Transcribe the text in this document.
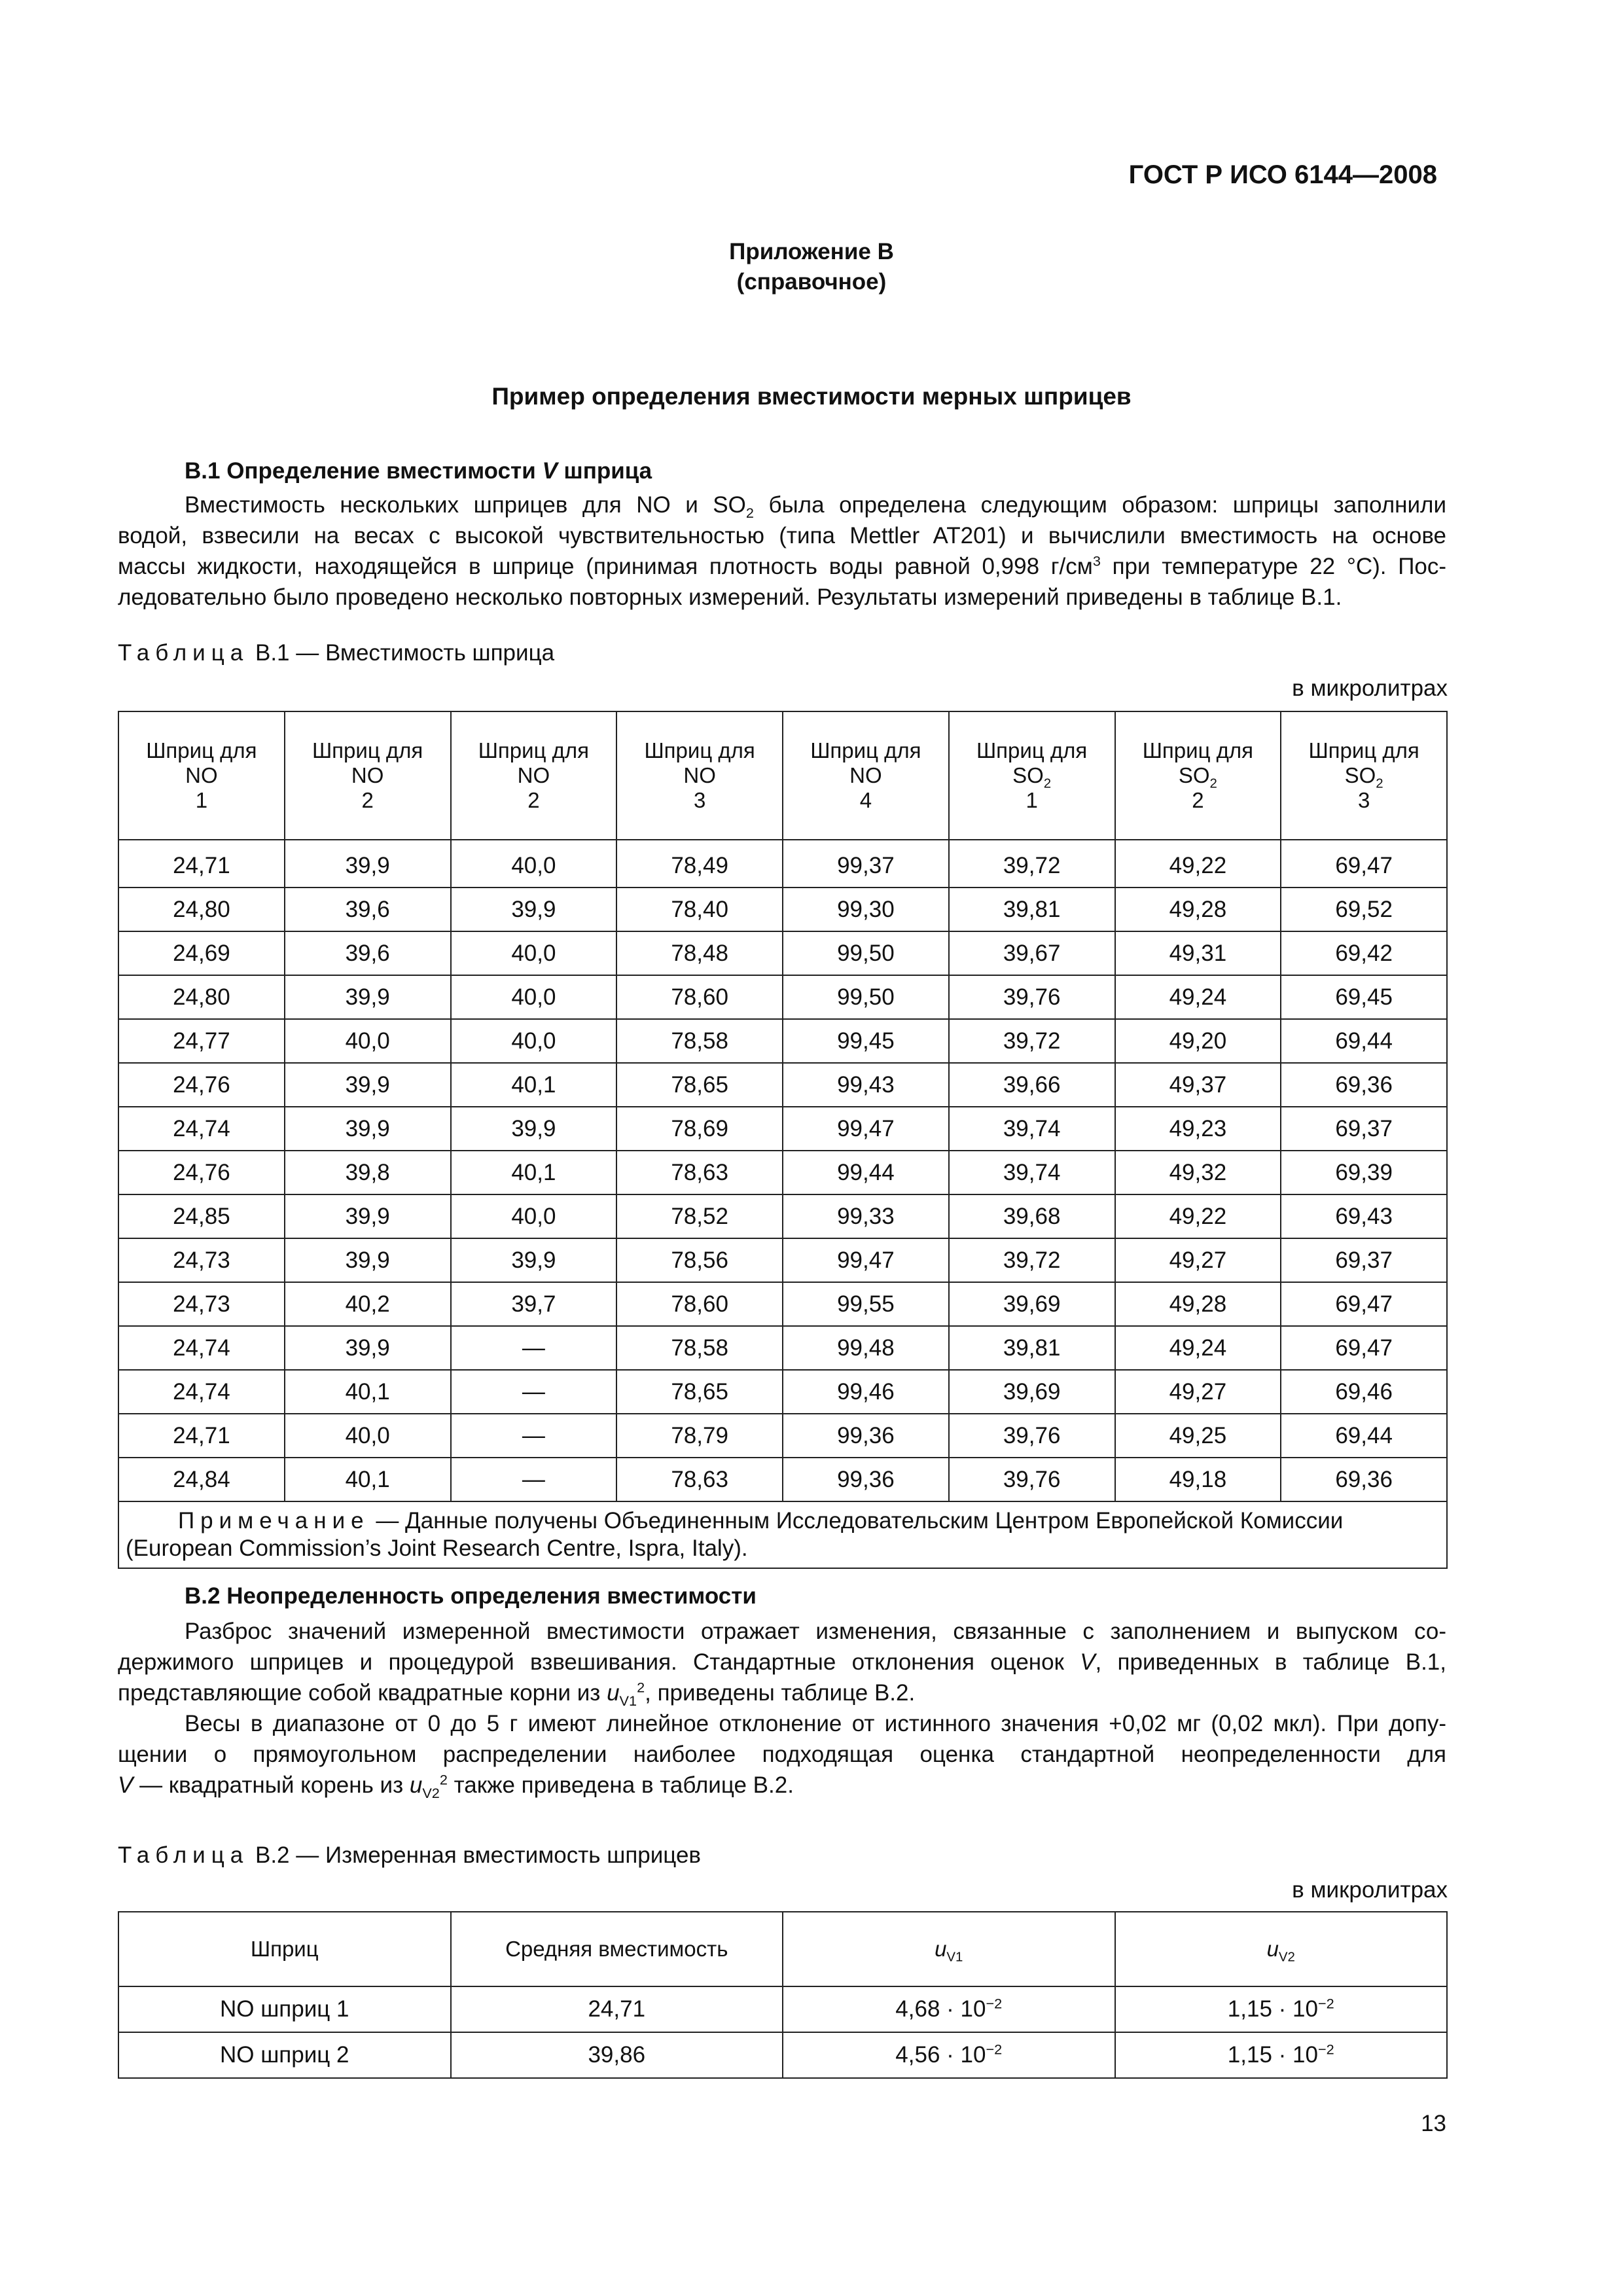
ГОСТ Р ИСО 6144—2008
Приложение В
(справочное)
Пример определения вместимости мерных шприцев
В.1 Определение вместимости V шприца
Вместимость нескольких шприцев для NO и $SO_2$ была определена следующим образом: шприцы заполнили
водой, взвесили на весах с высокой чувствительностью (типа Mettler AT201) и вычислили вместимость на основе
массы жидкости, находящейся в шприце (принимая плотность воды равной 0,998 $г/см^3$ при температуре 22 °С). Пос-
ледовательно было проведено несколько повторных измерений. Результаты измерений приведены в таблице В.1.
Таблица В.1 — Вместимость шприца
в микролитрах
Шприц для
NO
1	Шприц для
NO
2	Шприц для
NO
2	Шприц для
NO
3	Шприц для
NO
4	Шприц для
$SO_2$
1	Шприц для
$SO_2$
2	Шприц для
$SO_2$
3
24,71	39,9	40,0	78,49	99,37	39,72	49,22	69,47
24,80	39,6	39,9	78,40	99,30	39,81	49,28	69,52
24,69	39,6	40,0	78,48	99,50	39,67	49,31	69,42
24,80	39,9	40,0	78,60	99,50	39,76	49,24	69,45
24,77	40,0	40,0	78,58	99,45	39,72	49,20	69,44
24,76	39,9	40,1	78,65	99,43	39,66	49,37	69,36
24,74	39,9	39,9	78,69	99,47	39,74	49,23	69,37
24,76	39,8	40,1	78,63	99,44	39,74	49,32	69,39
24,85	39,9	40,0	78,52	99,33	39,68	49,22	69,43
24,73	39,9	39,9	78,56	99,47	39,72	49,27	69,37
24,73	40,2	39,7	78,60	99,55	39,69	49,28	69,47
24,74	39,9	—	78,58	99,48	39,81	49,24	69,47
24,74	40,1	—	78,65	99,46	39,69	49,27	69,46
24,71	40,0	—	78,79	99,36	39,76	49,25	69,44
24,84	40,1	—	78,63	99,36	39,76	49,18	69,36
Примечание — Данные получены Объединенным Исследовательским Центром Европейской Комиссии (European Commission’s Joint Research Centre, Ispra, Italy).							
В.2 Неопределенность определения вместимости
Разброс значений измеренной вместимости отражает изменения, связанные с заполнением и выпуском со-
держимого шприцев и процедурой взвешивания. Стандартные отклонения оценок V, приведенных в таблице В.1,
представляющие собой квадратные корни из $u_{V1}^2$, приведены таблице В.2.
Весы в диапазоне от 0 до 5 г имеют линейное отклонение от истинного значения +0,02 мг (0,02 мкл). При допу-
щении о прямоугольном распределении наиболее подходящая оценка стандартной неопределенности для
V — квадратный корень из $u_{V2}^2$ также приведена в таблице В.2.
Таблица В.2 — Измеренная вместимость шприцев
в микролитрах
Шприц	Средняя вместимость	$u_{V1}$	$u_{V2}$
NO шприц 1	24,71	$4,68 \cdot 10^{-2}$	$1,15 \cdot 10^{-2}$
NO шприц 2	39,86	$4,56 \cdot 10^{-2}$	$1,15 \cdot 10^{-2}$
13
